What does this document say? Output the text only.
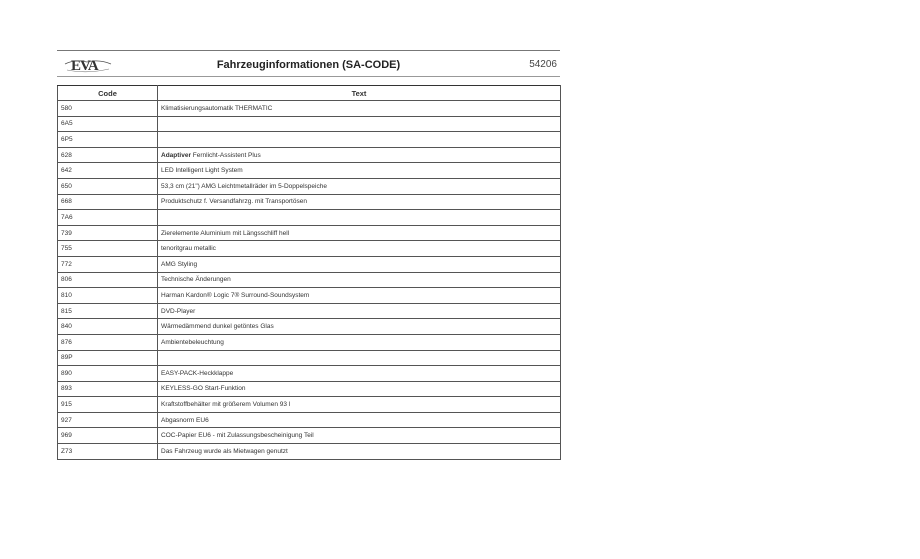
EVA	Fahrzeuginformationen (SA-CODE)	54206
Code	Text
580	Klimatisierungsautomatik THERMATIC
6A5	
6P5	
628	Adaptiver Fernlicht-Assistent Plus
642	LED Intelligent Light System
650	53,3 cm (21") AMG Leichtmetallräder im 5-Doppelspeiche
668	Produktschutz f. Versandfahrzg. mit Transportösen
7A6	
739	Zierelemente Aluminium mit Längsschliff hell
755	tenoritgrau metallic
772	AMG Styling
806	Technische Änderungen
810	Harman Kardon® Logic 7® Surround-Soundsystem
815	DVD-Player
840	Wärmedämmend dunkel getöntes Glas
876	Ambientebeleuchtung
89P	
890	EASY-PACK-Heckklappe
893	KEYLESS-GO Start-Funktion
915	Kraftstoffbehälter mit größerem Volumen 93 l
927	Abgasnorm EU6
969	COC-Papier EU6 - mit Zulassungsbescheinigung Teil
Z73	Das Fahrzeug wurde als Mietwagen genutzt
